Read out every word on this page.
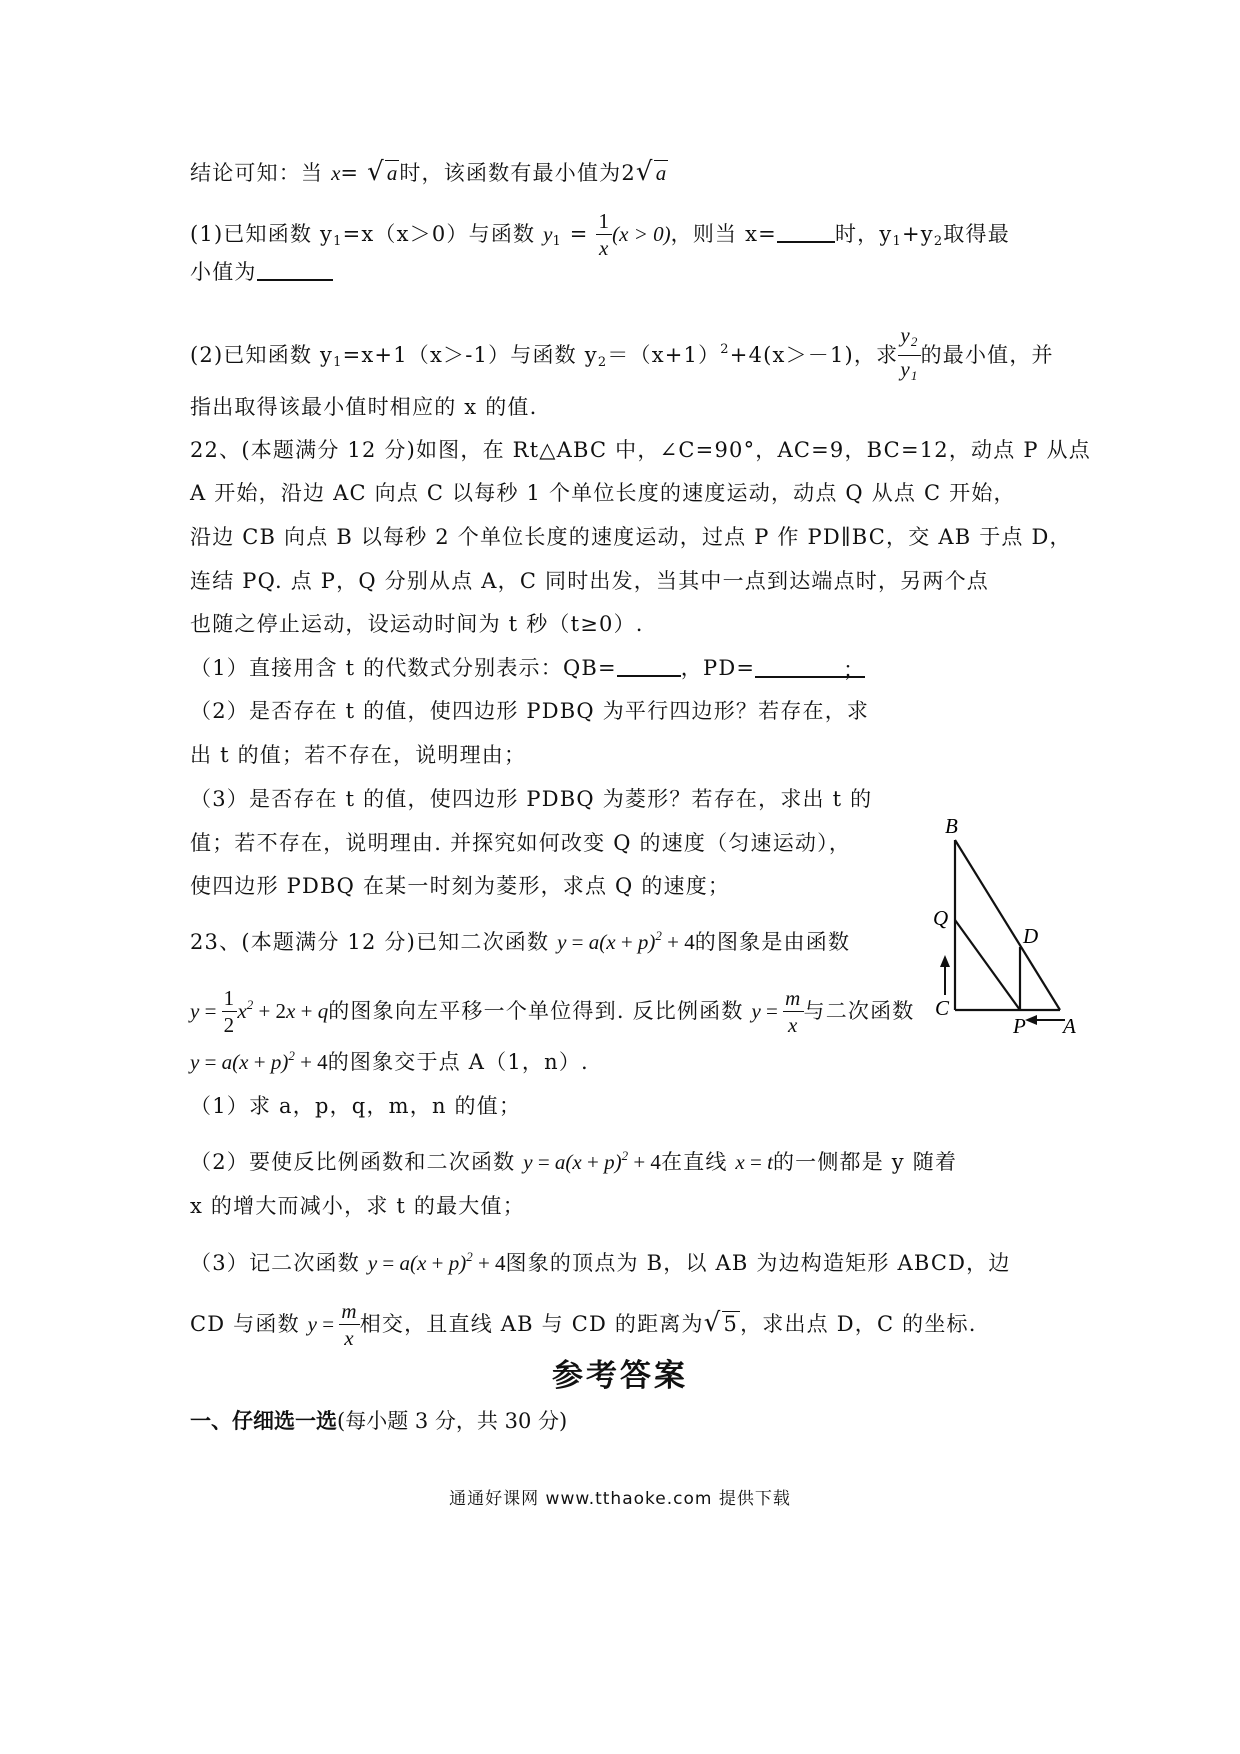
结论可知：当 x= √a时，该函数有最小值为2√a
(1)已知函数 $y_1=x(x>0)$与函数 $y_1 = \frac{1}{x} (x > 0)$，则当 x=	时，$y_1+y_2$取得最
小值为
(2)已知函数 $y_1=x+1(x>-1)$与函数 $y_2=(x+1)^2+4(x>-1)$，求 $\frac{y_2}{y_1}$ 的最小值，并
指出取得该最小值时相应的 x 的值.
22、(本题满分 12 分)如图，在 Rt△ABC 中，∠C=90°，AC=9，BC=12，动点 P 从点
A 开始，沿边 AC 向点 C 以每秒 1 个单位长度的速度运动，动点 Q 从点 C 开始，
沿边 CB 向点 B 以每秒 2 个单位长度的速度运动，过点 P 作 PD∥BC，交 AB 于点 D，
连结 PQ. 点 P，Q 分别从点 A，C 同时出发，当其中一点到达端点时，另两个点
也随之停止运动，设运动时间为 t 秒（t≥0）.
（1）直接用含 t 的代数式分别表示：QB=	，PD=	；
（2）是否存在 t 的值，使四边形 PDBQ 为平行四边形？若存在，求
出 t 的值；若不存在，说明理由；
（3）是否存在 t 的值，使四边形 PDBQ 为菱形？若存在，求出 t 的
值；若不存在，说明理由. 并探究如何改变 Q 的速度（匀速运动），
使四边形 PDBQ 在某一时刻为菱形，求点 Q 的速度；
B
Q
D
C
P A
23、(本题满分 12 分)已知二次函数 $y = a(x + p)^2 + 4$的图象是由函数
$y = \frac{1}{2} x^2 + 2x + q$的图象向左平移一个单位得到. 反比例函数 $y = \frac{m}{x}$ 与二次函数
$y = a(x + p)^2 + 4$的图象交于点 A（1，n）.
（1）求 a，p，q，m，n 的值；
（2）要使反比例函数和二次函数 $y = a(x + p)^2 + 4$在直线 x = t的一侧都是 y 随着
x 的增大而减小，求 t 的最大值；
（3）记二次函数 $y = a(x + p)^2 + 4$图象的顶点为 B，以 AB 为边构造矩形 ABCD，边
CD 与函数 $y = \frac{m}{x}$ 相交，且直线 AB 与 CD 的距离为√5，求出点 D，C 的坐标.
参考答案
一、仔细选一选(每小题 3 分，共 30 分)
通通好课网 www.tthaoke.com 提供下载
